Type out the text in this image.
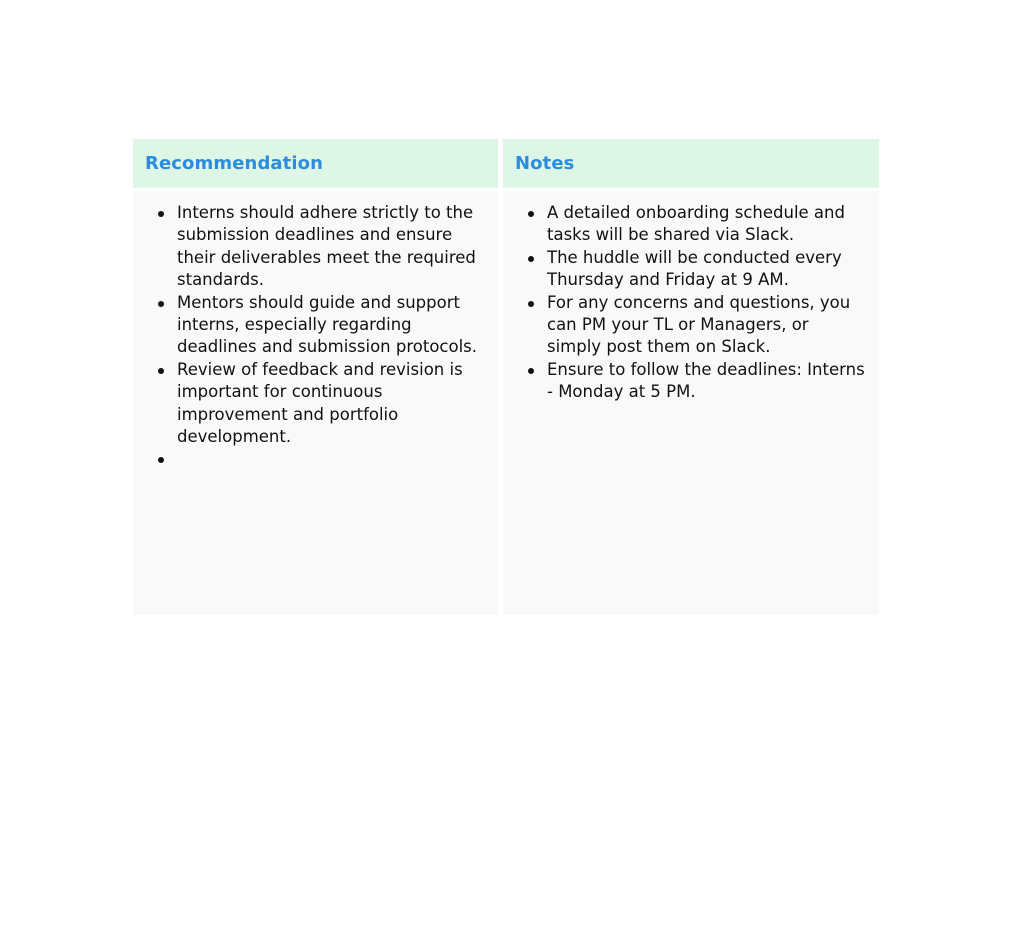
Recommendation
Interns should adhere strictly to the submission deadlines and ensure their deliverables meet the required standards.
Mentors should guide and support interns, especially regarding deadlines and submission protocols.
Review of feedback and revision is important for continuous improvement and portfolio development.
Notes
A detailed onboarding schedule and tasks will be shared via Slack.
The huddle will be conducted every Thursday and Friday at 9 AM.
For any concerns and questions, you can PM your TL or Managers, or simply post them on Slack.
Ensure to follow the deadlines: Interns - Monday at 5 PM.
